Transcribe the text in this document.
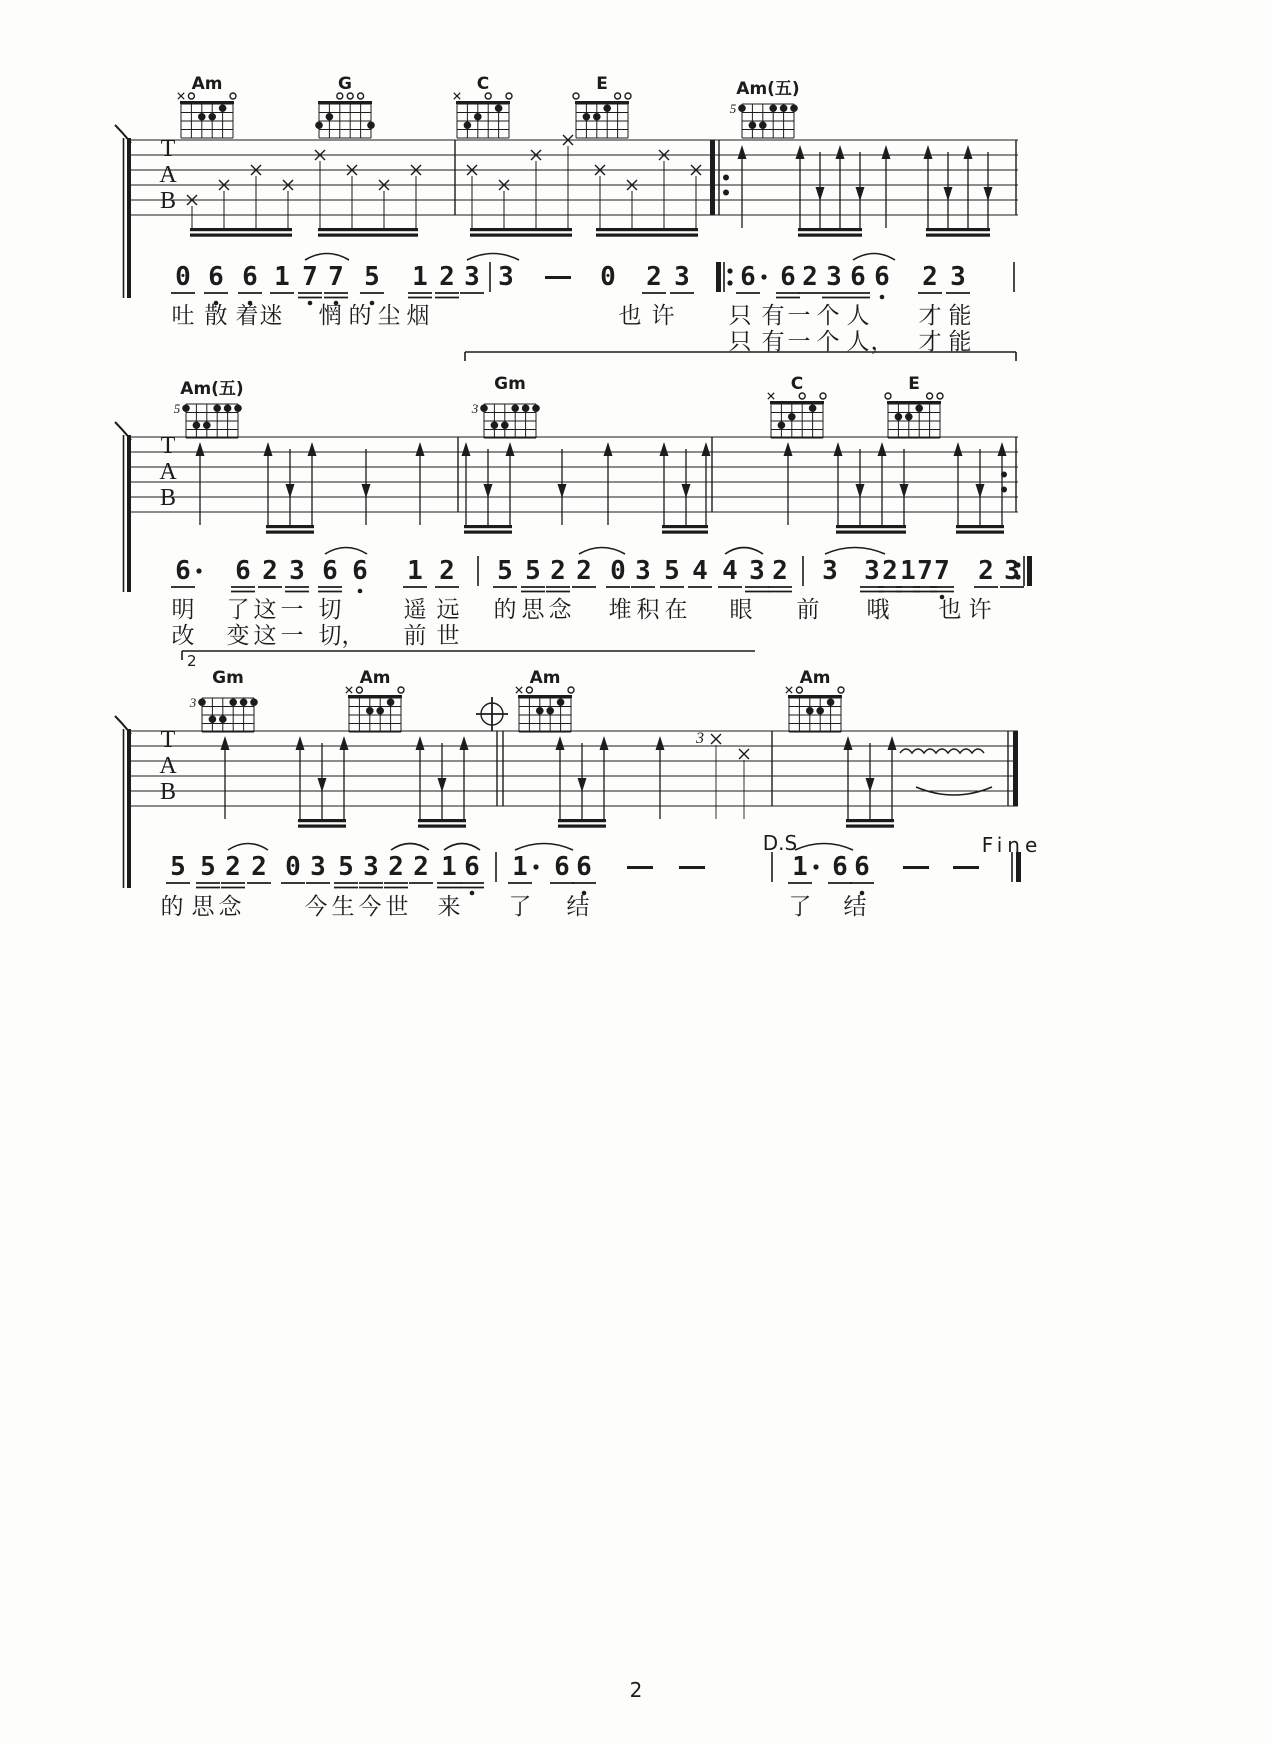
5
5	3
3
3
Am	G	C	E	Am(五)
T
A
B
0 6 6 1 7 7 5 1 2 3 3	0 2 3 6 6 2 3 6 6 2 3
吐 散 着 迷 惘 的 尘 烟	也 许 只 有 一 个 人 才 能
只 有 一 个 人 ， 才 能
Am(五)	Gm	C	E
T
A
B
6 6 2 3 6 6 1 2 5 5 2 2 0 3 5 4 4 3 2 3 3 2 1 7 7 2 3
明 了 这 一 切	遥 远 的 思 念 堆 积 在 眼 前 哦 也 许
改 变 这 一 切 ， 前 世
Gm	Am	Am	Am
T
A
B
5 5 2 2 0 3 5 3 2 2 1 6 1 6 6	1 6 6
的 思 念	今 生 今 世 来 了 结	了 结
2
D.S	Fine
2
